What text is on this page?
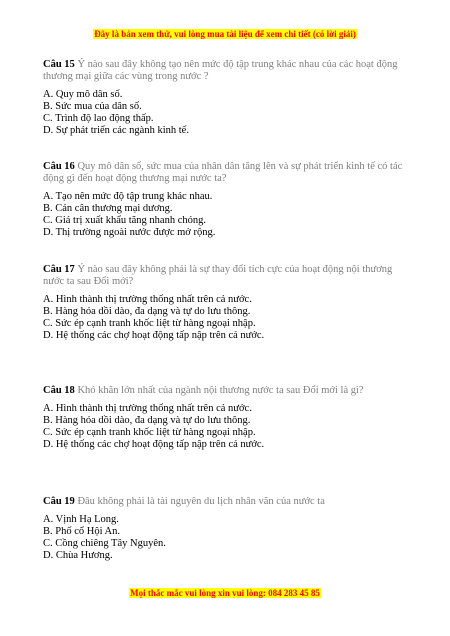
Đây là bản xem thử, vui lòng mua tài liệu để xem chi tiết (có lời giải)

Câu 15 Ý nào sau đây không tạo nên mức độ tập trung khác nhau của các hoạt động thương mại giữa các vùng trong nước ?

A. Quy mô dân số.

B. Sức mua của dân số.

C. Trình độ lao động thấp.

D. Sự phát triển các ngành kinh tế.

Câu 16 Quy mô dân số, sức mua của nhân dân tăng lên và sự phát triển kinh tế có tác động gì đến hoạt động thương mại nước ta?

A. Tạo nên mức độ tập trung khác nhau.

B. Cán cân thương mại dương.

C. Giá trị xuất khẩu tăng nhanh chóng.

D. Thị trường ngoài nước được mở rộng.

Câu 17 Ý nào sau đây không phải là sự thay đổi tích cực của hoạt động nội thương nước ta sau Đổi mới?

A. Hình thành thị trường thống nhất trên cả nước.

B. Hàng hóa dồi dào, đa dạng và tự do lưu thông.

C. Sức ép cạnh tranh khốc liệt từ hàng ngoại nhập.

D. Hệ thống các chợ hoạt động tấp nập trên cả nước.

Câu 18 Khó khăn lớn nhất của ngành nội thương nước ta sau Đổi mới là gì?

A. Hình thành thị trường thống nhất trên cả nước.

B. Hàng hóa dồi dào, đa dạng và tự do lưu thông.

C. Sức ép cạnh tranh khốc liệt từ hàng ngoại nhập.

D. Hệ thống các chợ hoạt động tấp nập trên cả nước.

Câu 19 Đâu không phải là tài nguyên du lịch nhân văn của nước ta

A. Vịnh Hạ Long.

B. Phố cổ Hội An.

C. Cồng chiêng Tây Nguyên.

D. Chùa Hương.

Mọi thắc mắc vui lòng xin vui lòng: 084 283 45 85
